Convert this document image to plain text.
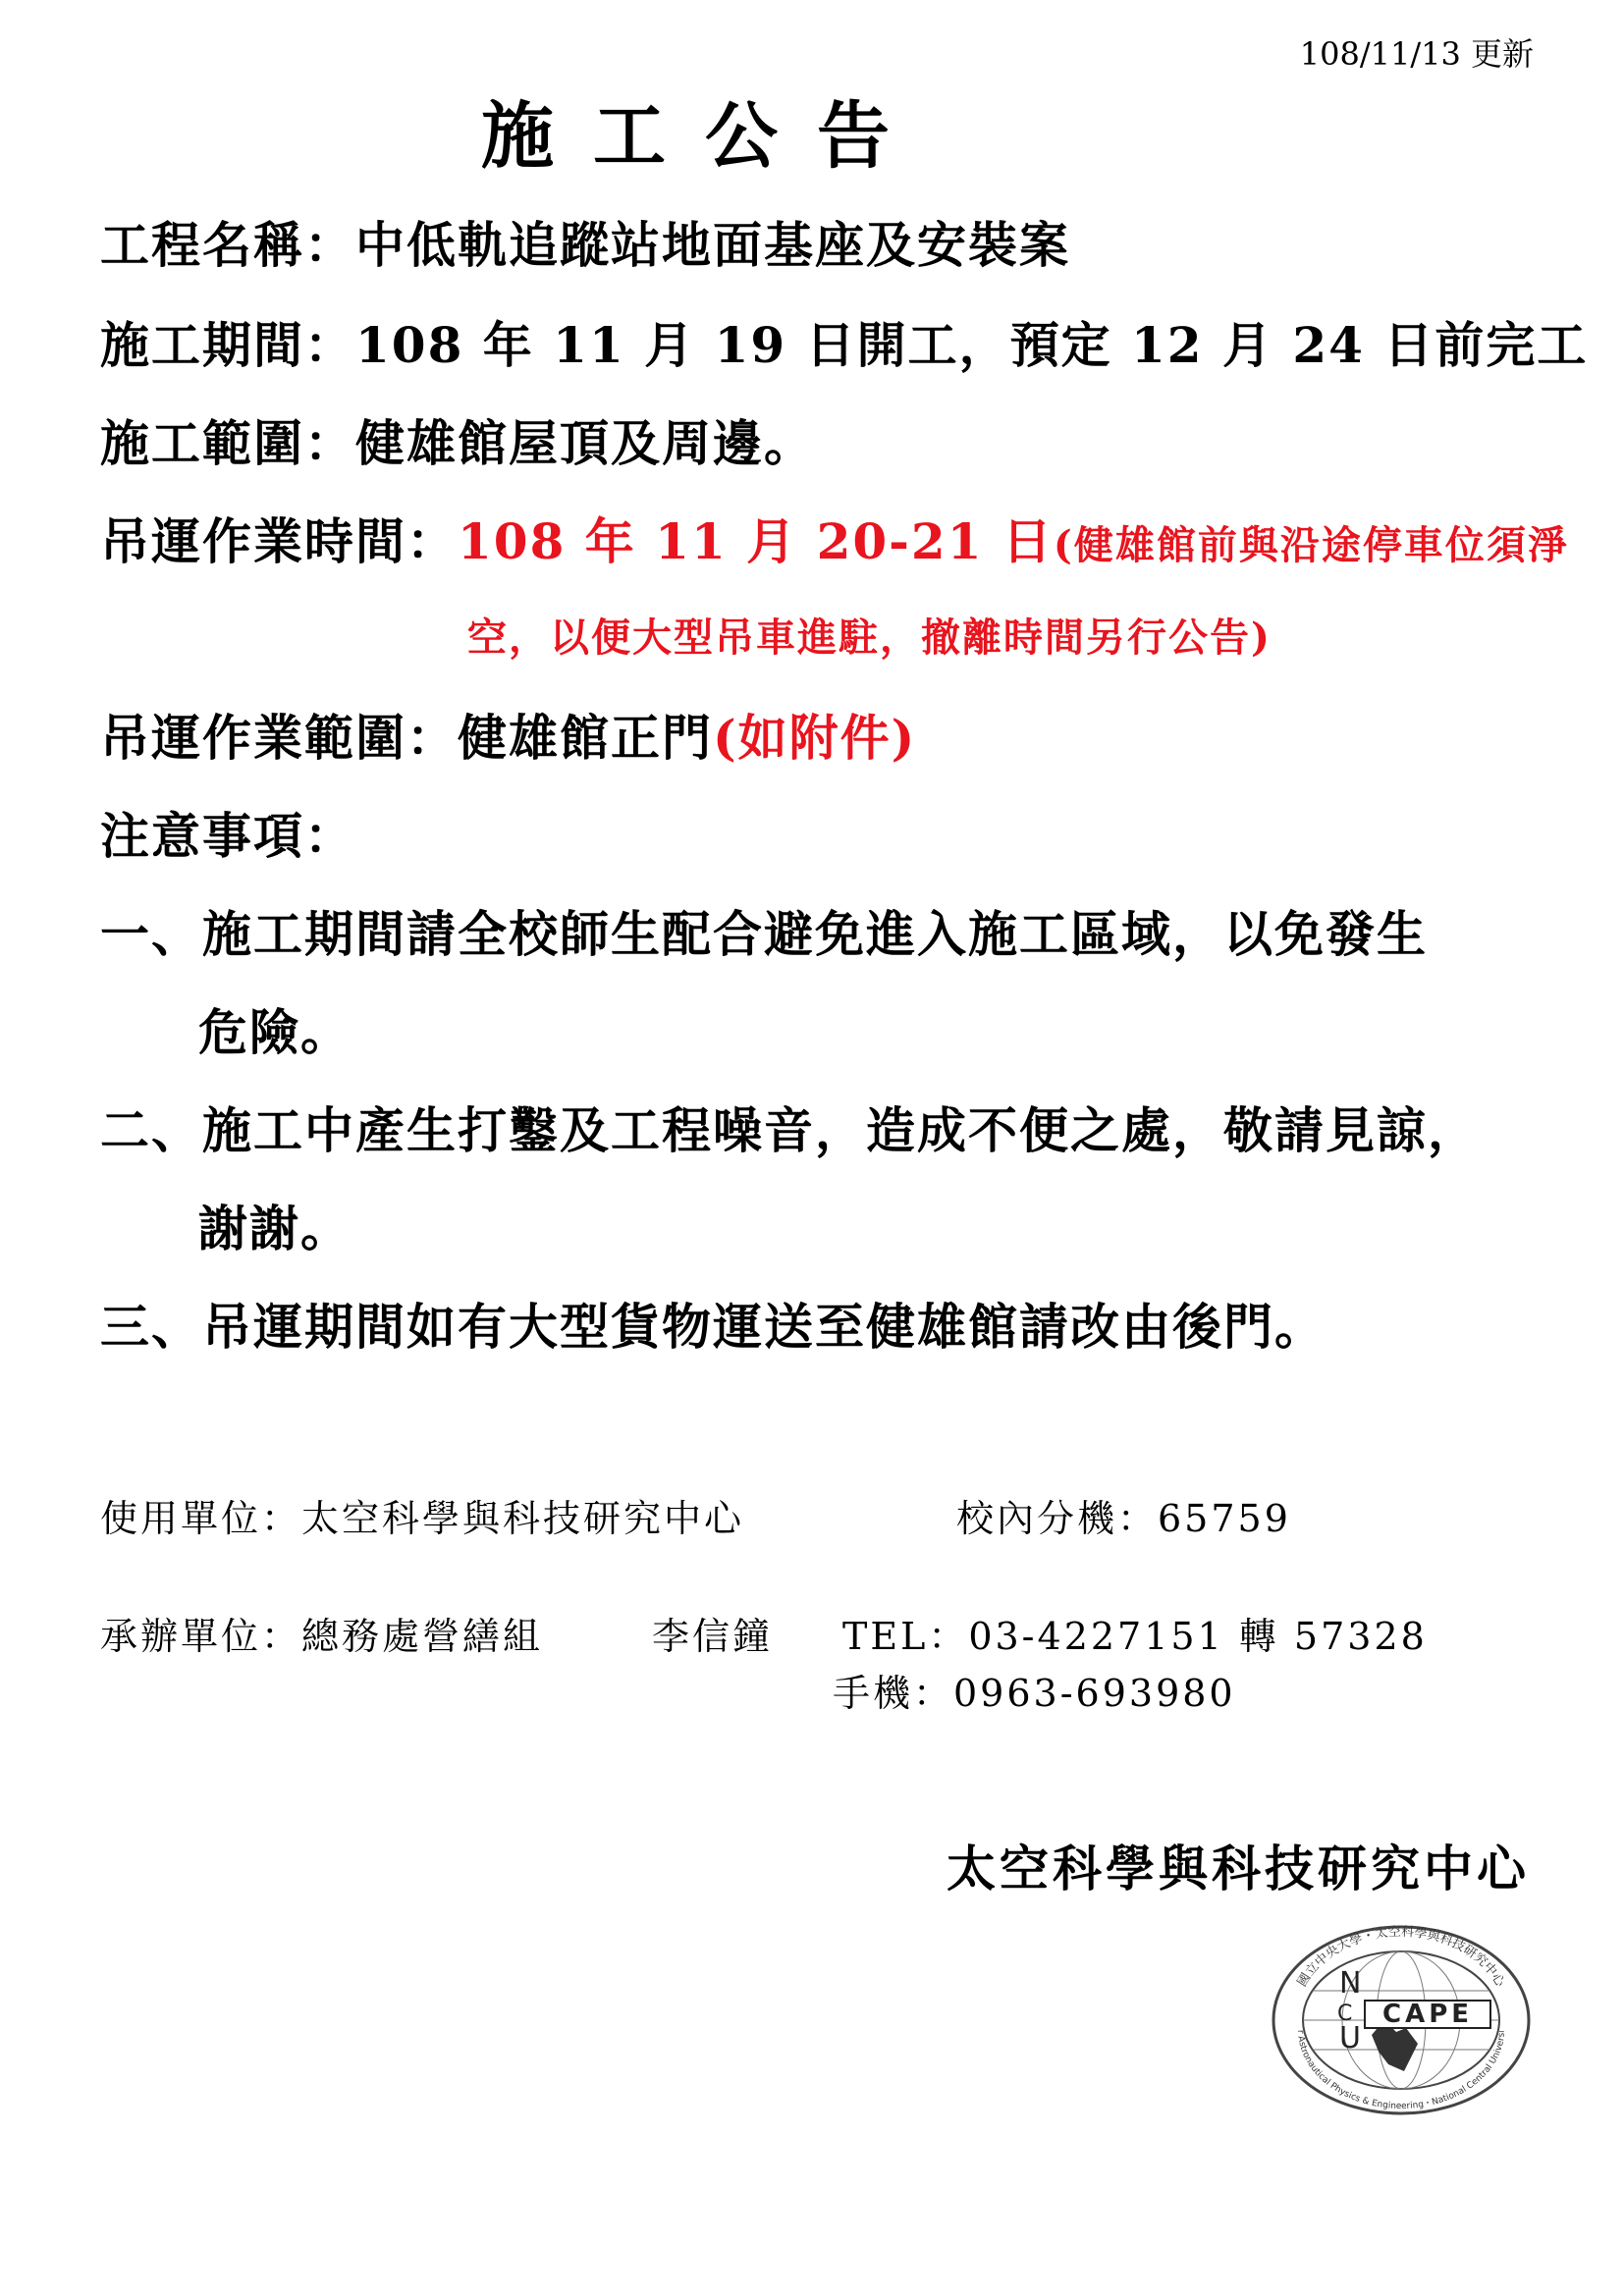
108/11/13 更新
施工公告
工程名稱：中低軌追蹤站地面基座及安裝案
施工期間：108 年 11 月 19 日開工，預定 12 月 24 日前完工
施工範圍：健雄館屋頂及周邊。
吊運作業時間：108 年 11 月 20-21 日(健雄館前與沿途停車位須淨
空，以便大型吊車進駐，撤離時間另行公告)
吊運作業範圍：健雄館正門(如附件)
注意事項：
一、施工期間請全校師生配合避免進入施工區域，以免發生
危險。
二、施工中產生打鑿及工程噪音，造成不便之處，敬請見諒，
謝謝。
三、吊運期間如有大型貨物運送至健雄館請改由後門。
使用單位：太空科學與科技研究中心	校內分機：65759
承辦單位：總務處營繕組	李信鐘 TEL：03-4227151 轉 57328
手機：0963-693980
太空科學與科技研究中心
國立中央大學・太空科學與科技研究中心
r Astronautical Physics & Engineering・National Central Universi
N
C
U
CAPE
